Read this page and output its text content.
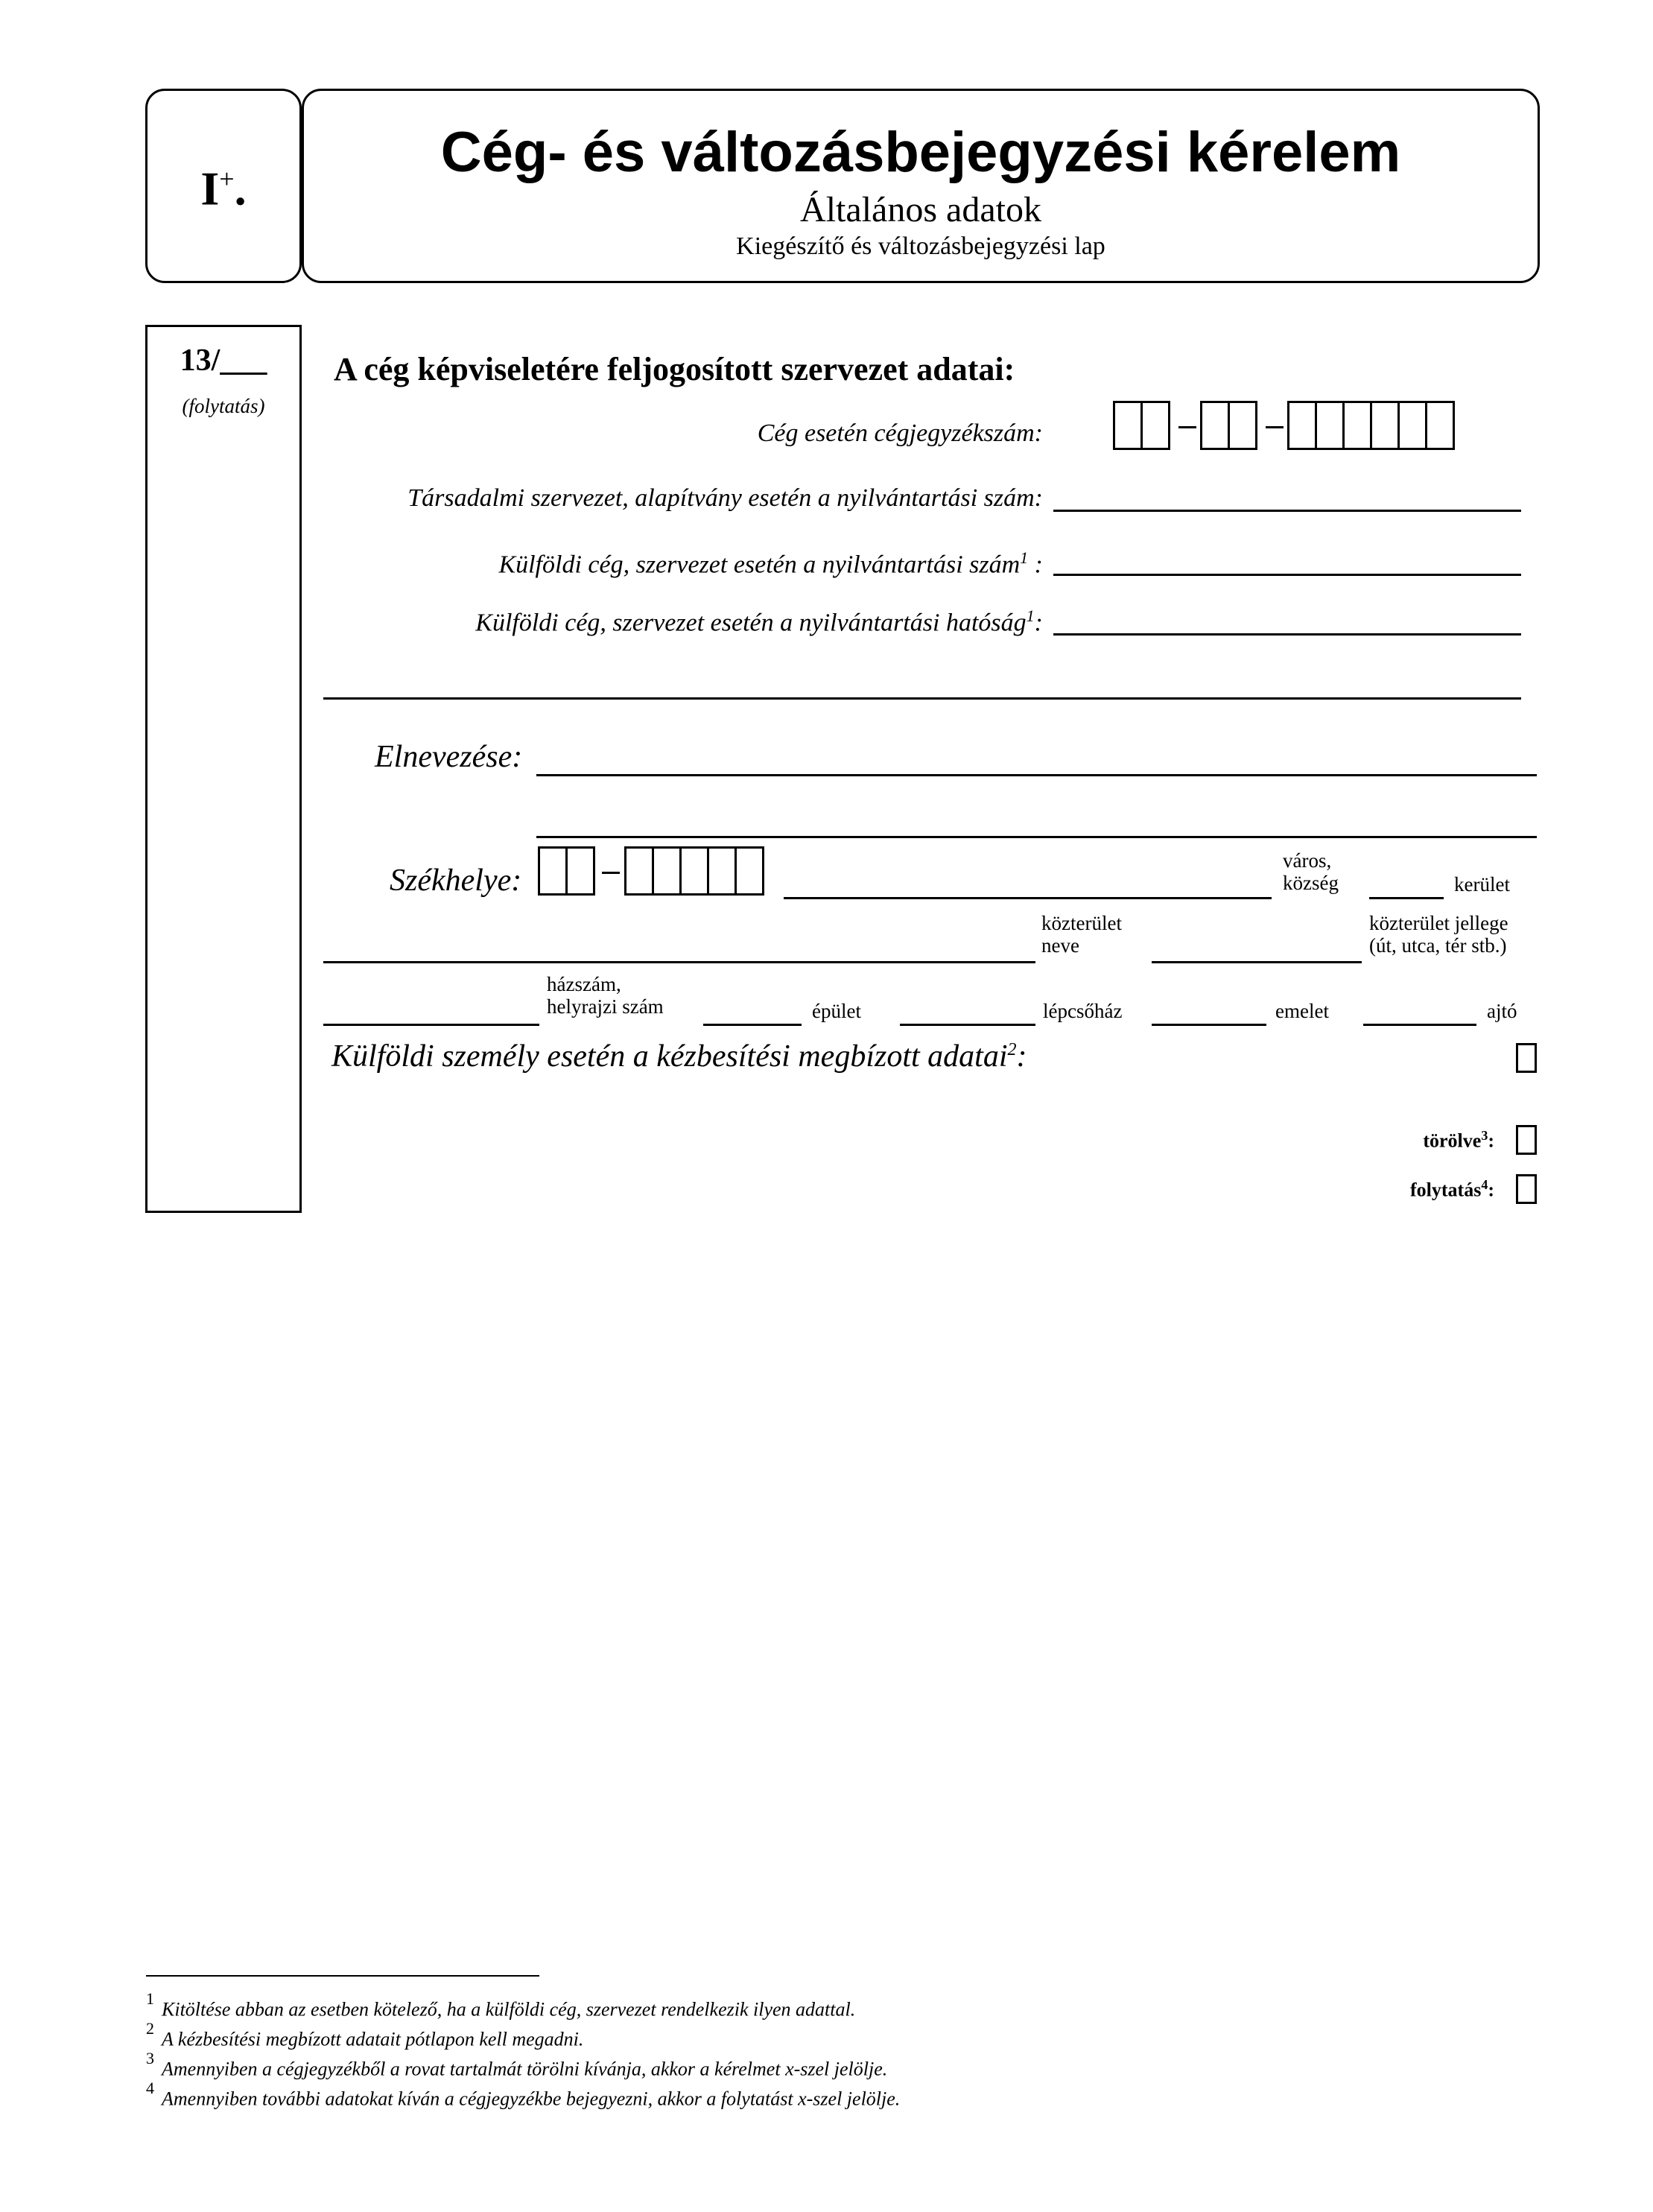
I+.
Cég- és változásbejegyzési kérelem
Általános adatok
Kiegészítő és változásbejegyzési lap
13/___
(folytatás)
A cég képviseletére feljogosított szervezet adatai:
Cég esetén cégjegyzékszám:
Társadalmi szervezet, alapítvány esetén a nyilvántartási szám:
Külföldi cég, szervezet esetén a nyilvántartási szám$^1$ :
Külföldi cég, szervezet esetén a nyilvántartási hatóság$^1$:
Elnevezése:
Székhelye:
város,
község	kerület
közterület
neve
közterület jellege
(út, utca, tér stb.)
házszám,
helyrajzi szám	épület	lépcsőház	emelet	ajtó
Külföldi személy esetén a kézbesítési megbízott adatai$^2$:
törölve$^3$:
folytatás$^4$:
$^1$Kitöltése abban az esetben kötelező, ha a külföldi cég, szervezet rendelkezik ilyen adattal.
$^2$A kézbesítési megbízott adatait pótlapon kell megadni.
$^3$Amennyiben a cégjegyzékből a rovat tartalmát törölni kívánja, akkor a kérelmet x-szel jelölje.
$^4$Amennyiben további adatokat kíván a cégjegyzékbe bejegyezni, akkor a folytatást x-szel jelölje.
